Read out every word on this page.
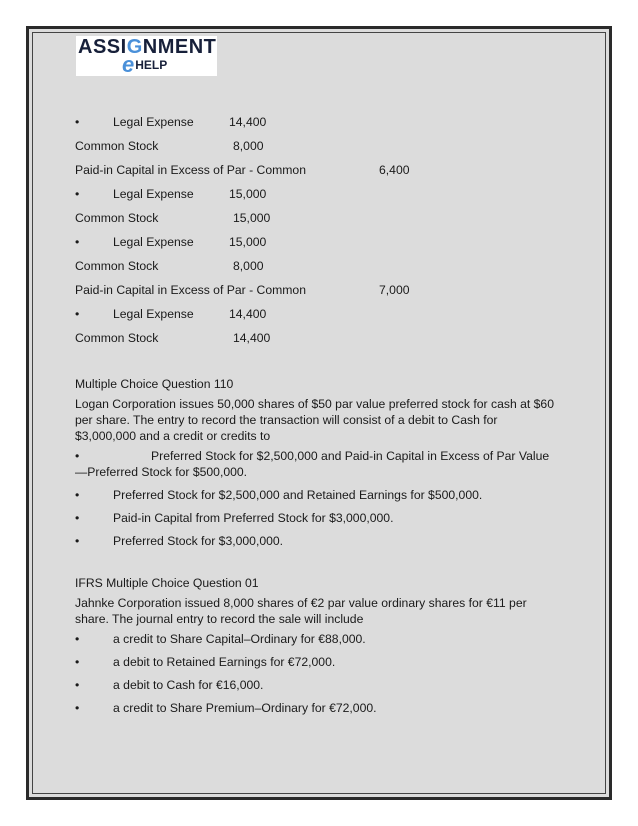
ASSIGNMENT
eHELP
•	Legal Expense	14,400
Common Stock	8,000
Paid-in Capital in Excess of Par - Common	6,400
•	Legal Expense	15,000
Common Stock	15,000
•	Legal Expense	15,000
Common Stock	8,000
Paid-in Capital in Excess of Par - Common	7,000
•	Legal Expense	14,400
Common Stock	14,400
Multiple Choice Question 110
Logan Corporation issues 50,000 shares of $50 par value preferred stock for cash at $60 per share. The entry to record the transaction will consist of a debit to Cash for $3,000,000 and a credit or credits to
•	Preferred Stock for $2,500,000 and Paid-in Capital in Excess of Par Value—Preferred Stock for $500,000.
•	Preferred Stock for $2,500,000 and Retained Earnings for $500,000.
•	Paid-in Capital from Preferred Stock for $3,000,000.
•	Preferred Stock for $3,000,000.
IFRS Multiple Choice Question 01
Jahnke Corporation issued 8,000 shares of €2 par value ordinary shares for €11 per share. The journal entry to record the sale will include
•	a credit to Share Capital–Ordinary for €88,000.
•	a debit to Retained Earnings for €72,000.
•	a debit to Cash for €16,000.
•	a credit to Share Premium–Ordinary for €72,000.
